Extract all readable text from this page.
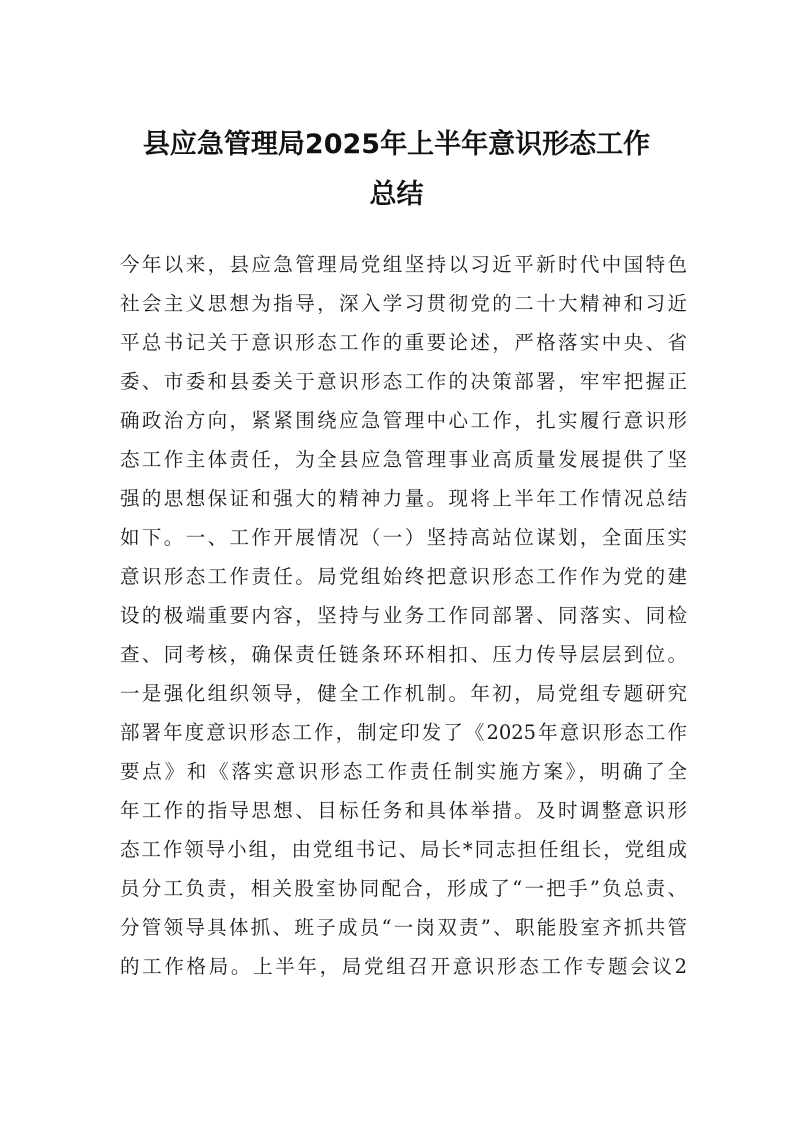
县应急管理局2025年上半年意识形态工作
总结
今年以来，县应急管理局党组坚持以习近平新时代中国特色
社会主义思想为指导，深入学习贯彻党的二十大精神和习近
平总书记关于意识形态工作的重要论述，严格落实中央、省
委、市委和县委关于意识形态工作的决策部署，牢牢把握正
确政治方向，紧紧围绕应急管理中心工作，扎实履行意识形
态工作主体责任，为全县应急管理事业高质量发展提供了坚
强的思想保证和强大的精神力量。现将上半年工作情况总结
如下。一、工作开展情况（一）坚持高站位谋划，全面压实
意识形态工作责任。局党组始终把意识形态工作作为党的建
设的极端重要内容，坚持与业务工作同部署、同落实、同检
查、同考核，确保责任链条环环相扣、压力传导层层到位。
一是强化组织领导，健全工作机制。年初，局党组专题研究
部署年度意识形态工作，制定印发了《2025年意识形态工作
要点》和《落实意识形态工作责任制实施方案》，明确了全
年工作的指导思想、目标任务和具体举措。及时调整意识形
态工作领导小组，由党组书记、局长*同志担任组长，党组成
员分工负责，相关股室协同配合，形成了“一把手”负总责、
分管领导具体抓、班子成员“一岗双责”、职能股室齐抓共管
的工作格局。上半年，局党组召开意识形态工作专题会议2
